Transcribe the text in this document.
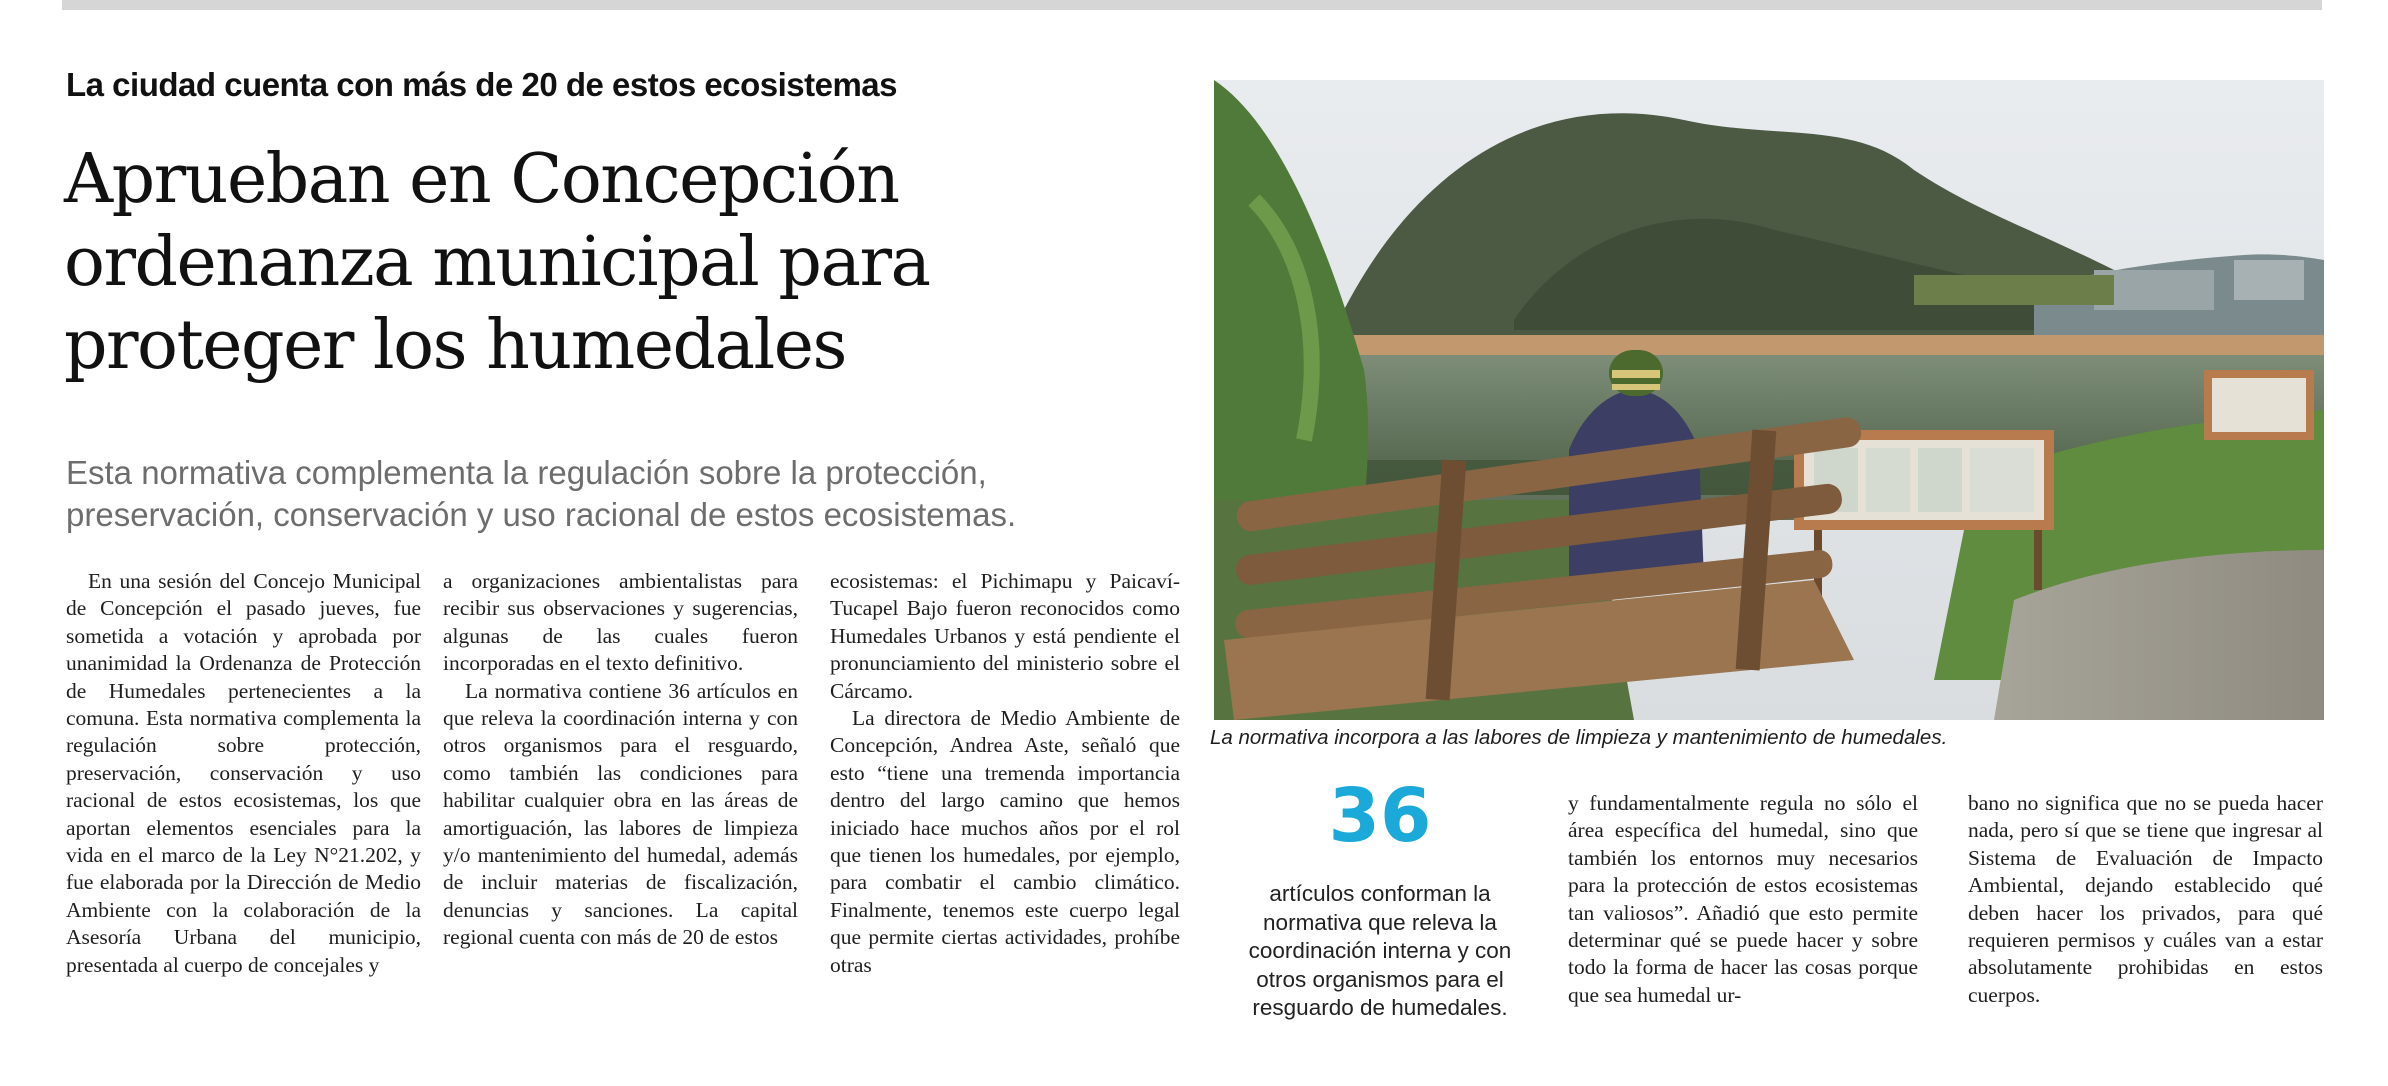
La ciudad cuenta con más de 20 de estos ecosistemas
Aprueban en Concepción
ordenanza municipal para
proteger los humedales
Esta normativa complementa la regulación sobre la protección,
preservación, conservación y uso racional de estos ecosistemas.

En una sesión del Concejo Municipal de Concepción el pasado jueves, fue sometida a votación y aprobada por unanimidad la Ordenanza de Protección de Humedales pertenecientes a la comuna. Esta normativa complementa la regulación sobre protección, preservación, conservación y uso racional de estos ecosistemas, los que aportan elementos esenciales para la vida en el marco de la Ley N°21.202, y fue elaborada por la Dirección de Medio Ambiente con la colaboración de la Asesoría Urbana del municipio, presentada al cuerpo de concejales y

a organizaciones ambientalistas para recibir sus observaciones y sugerencias, algunas de las cuales fueron incorporadas en el texto definitivo.

La normativa contiene 36 artículos en que releva la coordinación interna y con otros organismos para el resguardo, como también las condiciones para habilitar cualquier obra en las áreas de amortiguación, las labores de limpieza y/o mantenimiento del humedal, además de incluir materias de fiscalización, denuncias y sanciones. La capital regional cuenta con más de 20 de estos

ecosistemas: el Pichimapu y Paicaví-Tucapel Bajo fueron reconocidos como Humedales Urbanos y está pendiente el pronunciamiento del ministerio sobre el Cárcamo.

La directora de Medio Ambiente de Concepción, Andrea Aste, señaló que esto “tiene una tremenda importancia dentro del largo camino que hemos iniciado hace muchos años por el rol que tienen los humedales, por ejemplo, para combatir el cambio climático. Finalmente, tenemos este cuerpo legal que permite ciertas actividades, prohíbe otras

La normativa incorpora a las labores de limpieza y mantenimiento de humedales.
36
artículos conforman la
normativa que releva la
coordinación interna y con
otros organismos para el
resguardo de humedales.

y fundamentalmente regula no sólo el área específica del humedal, sino que también los entornos muy necesarios para la protección de estos ecosistemas tan valiosos”. Añadió que esto permite determinar qué se puede hacer y sobre todo la forma de hacer las cosas porque que sea humedal ur-

bano no significa que no se pueda hacer nada, pero sí que se tiene que ingresar al Sistema de Evaluación de Impacto Ambiental, dejando establecido qué deben hacer los privados, para qué requieren permisos y cuáles van a estar absolutamente prohibidas en estos cuerpos.
